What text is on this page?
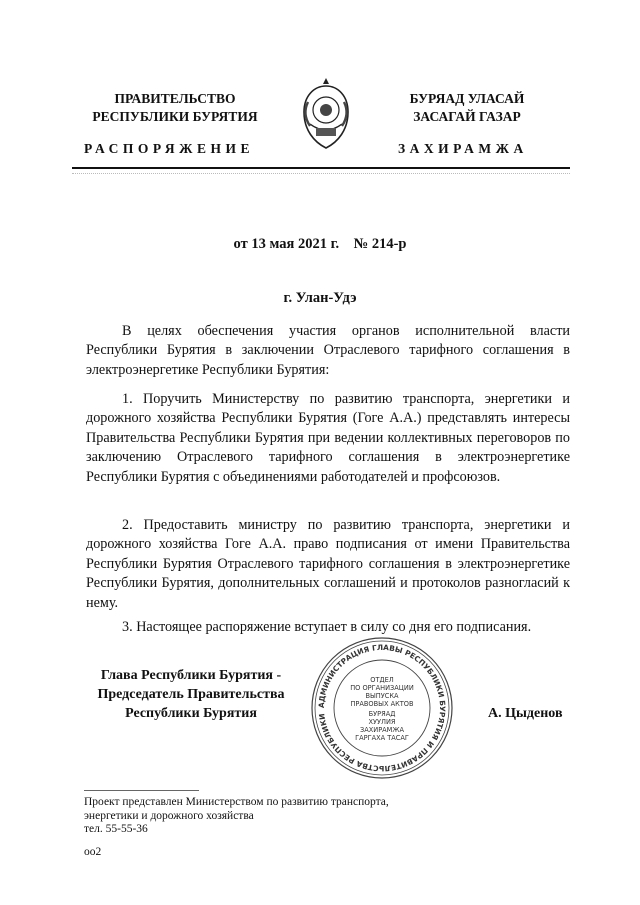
ПРАВИТЕЛЬСТВО
РЕСПУБЛИКИ БУРЯТИЯ
БУРЯАД УЛАСАЙ
ЗАСАГАЙ ГАЗАР
РАСПОРЯЖЕНИЕ	ЗАХИРАМЖА
от 13 мая 2021 г.    № 214-р
г. Улан-Удэ
В целях обеспечения участия органов исполнительной власти Республики Бурятия в заключении Отраслевого тарифного соглашения в электроэнергетике Республики Бурятия:
1. Поручить Министерству по развитию транспорта, энергетики и дорожного хозяйства Республики Бурятия (Гоге А.А.) представлять интересы Правительства Республики Бурятия при ведении коллективных переговоров по заключению Отраслевого тарифного соглашения в электроэнергетике Республики Бурятия с объединениями работодателей и профсоюзов.
2. Предоставить министру по развитию транспорта, энергетики и дорожного хозяйства Гоге А.А. право подписания от имени Правительства Республики Бурятия Отраслевого тарифного соглашения в электроэнергетике Республики Бурятия, дополнительных соглашений и протоколов разногласий к нему.
3. Настоящее распоряжение вступает в силу со дня его подписания.
Глава Республики Бурятия -
Председатель Правительства
Республики Бурятия
АДМИНИСТРАЦИЯ ГЛАВЫ РЕСПУБЛИКИ БУРЯТИЯ И ПРАВИТЕЛЬСТВА РЕСПУБЛИКИ
ОТДЕЛ
ПО ОРГАНИЗАЦИИ
ВЫПУСКА
ПРАВОВЫХ АКТОВ
БУРЯАД
ХУУЛИЯ
ЗАХИРАМЖА
ГАРГАХА ТАСАГ
А. Цыденов
Проект представлен Министерством по развитию транспорта,
энергетики и дорожного хозяйства
тел. 55-55-36
оо2
